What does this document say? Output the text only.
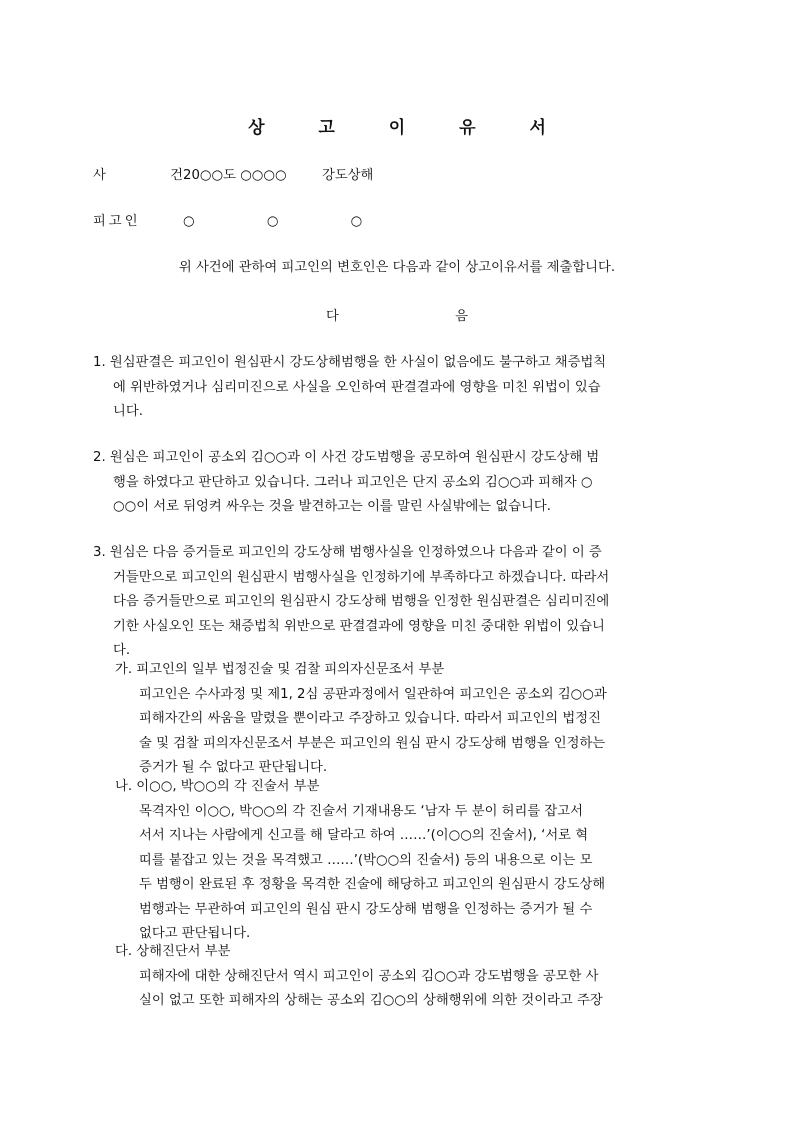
상 고 이 유 서
사 건20○○도 ○○○○	강도상해
피고인	○ ○ ○
위 사건에 관하여 피고인의 변호인은 다음과 같이 상고이유서를 제출합니다.
다 음
1. 원심판결은 피고인이 원심판시 강도상해범행을 한 사실이 없음에도 불구하고 채증법칙
에 위반하였거나 심리미진으로 사실을 오인하여 판결결과에 영향을 미친 위법이 있습
니다.
2. 원심은 피고인이 공소외 김○○과 이 사건 강도범행을 공모하여 원심판시 강도상해 범
행을 하였다고 판단하고 있습니다. 그러나 피고인은 단지 공소외 김○○과 피해자 ○
○○이 서로 뒤엉켜 싸우는 것을 발견하고는 이를 말린 사실밖에는 없습니다.
3. 원심은 다음 증거들로 피고인의 강도상해 범행사실을 인정하였으나 다음과 같이 이 증
거들만으로 피고인의 원심판시 범행사실을 인정하기에 부족하다고 하겠습니다. 따라서
다음 증거들만으로 피고인의 원심판시 강도상해 범행을 인정한 원심판결은 심리미진에
기한 사실오인 또는 채증법칙 위반으로 판결결과에 영향을 미친 중대한 위법이 있습니
다.
가. 피고인의 일부 법정진술 및 검찰 피의자신문조서 부분
피고인은 수사과정 및 제1, 2심 공판과정에서 일관하여 피고인은 공소외 김○○과
피해자간의 싸움을 말렸을 뿐이라고 주장하고 있습니다. 따라서 피고인의 법정진
술 및 검찰 피의자신문조서 부분은 피고인의 원심 판시 강도상해 범행을 인정하는
증거가 될 수 없다고 판단됩니다.
나. 이○○, 박○○의 각 진술서 부분
목격자인 이○○, 박○○의 각 진술서 기재내용도 ‘남자 두 분이 허리를 잡고서
서서 지나는 사람에게 신고를 해 달라고 하여 ……’(이○○의 진술서), ‘서로 혁
띠를 붙잡고 있는 것을 목격했고 ……’(박○○의 진술서) 등의 내용으로 이는 모
두 범행이 완료된 후 정황을 목격한 진술에 해당하고 피고인의 원심판시 강도상해
범행과는 무관하여 피고인의 원심 판시 강도상해 범행을 인정하는 증거가 될 수
없다고 판단됩니다.
다. 상해진단서 부분
피해자에 대한 상해진단서 역시 피고인이 공소외 김○○과 강도범행을 공모한 사
실이 없고 또한 피해자의 상해는 공소외 김○○의 상해행위에 의한 것이라고 주장
